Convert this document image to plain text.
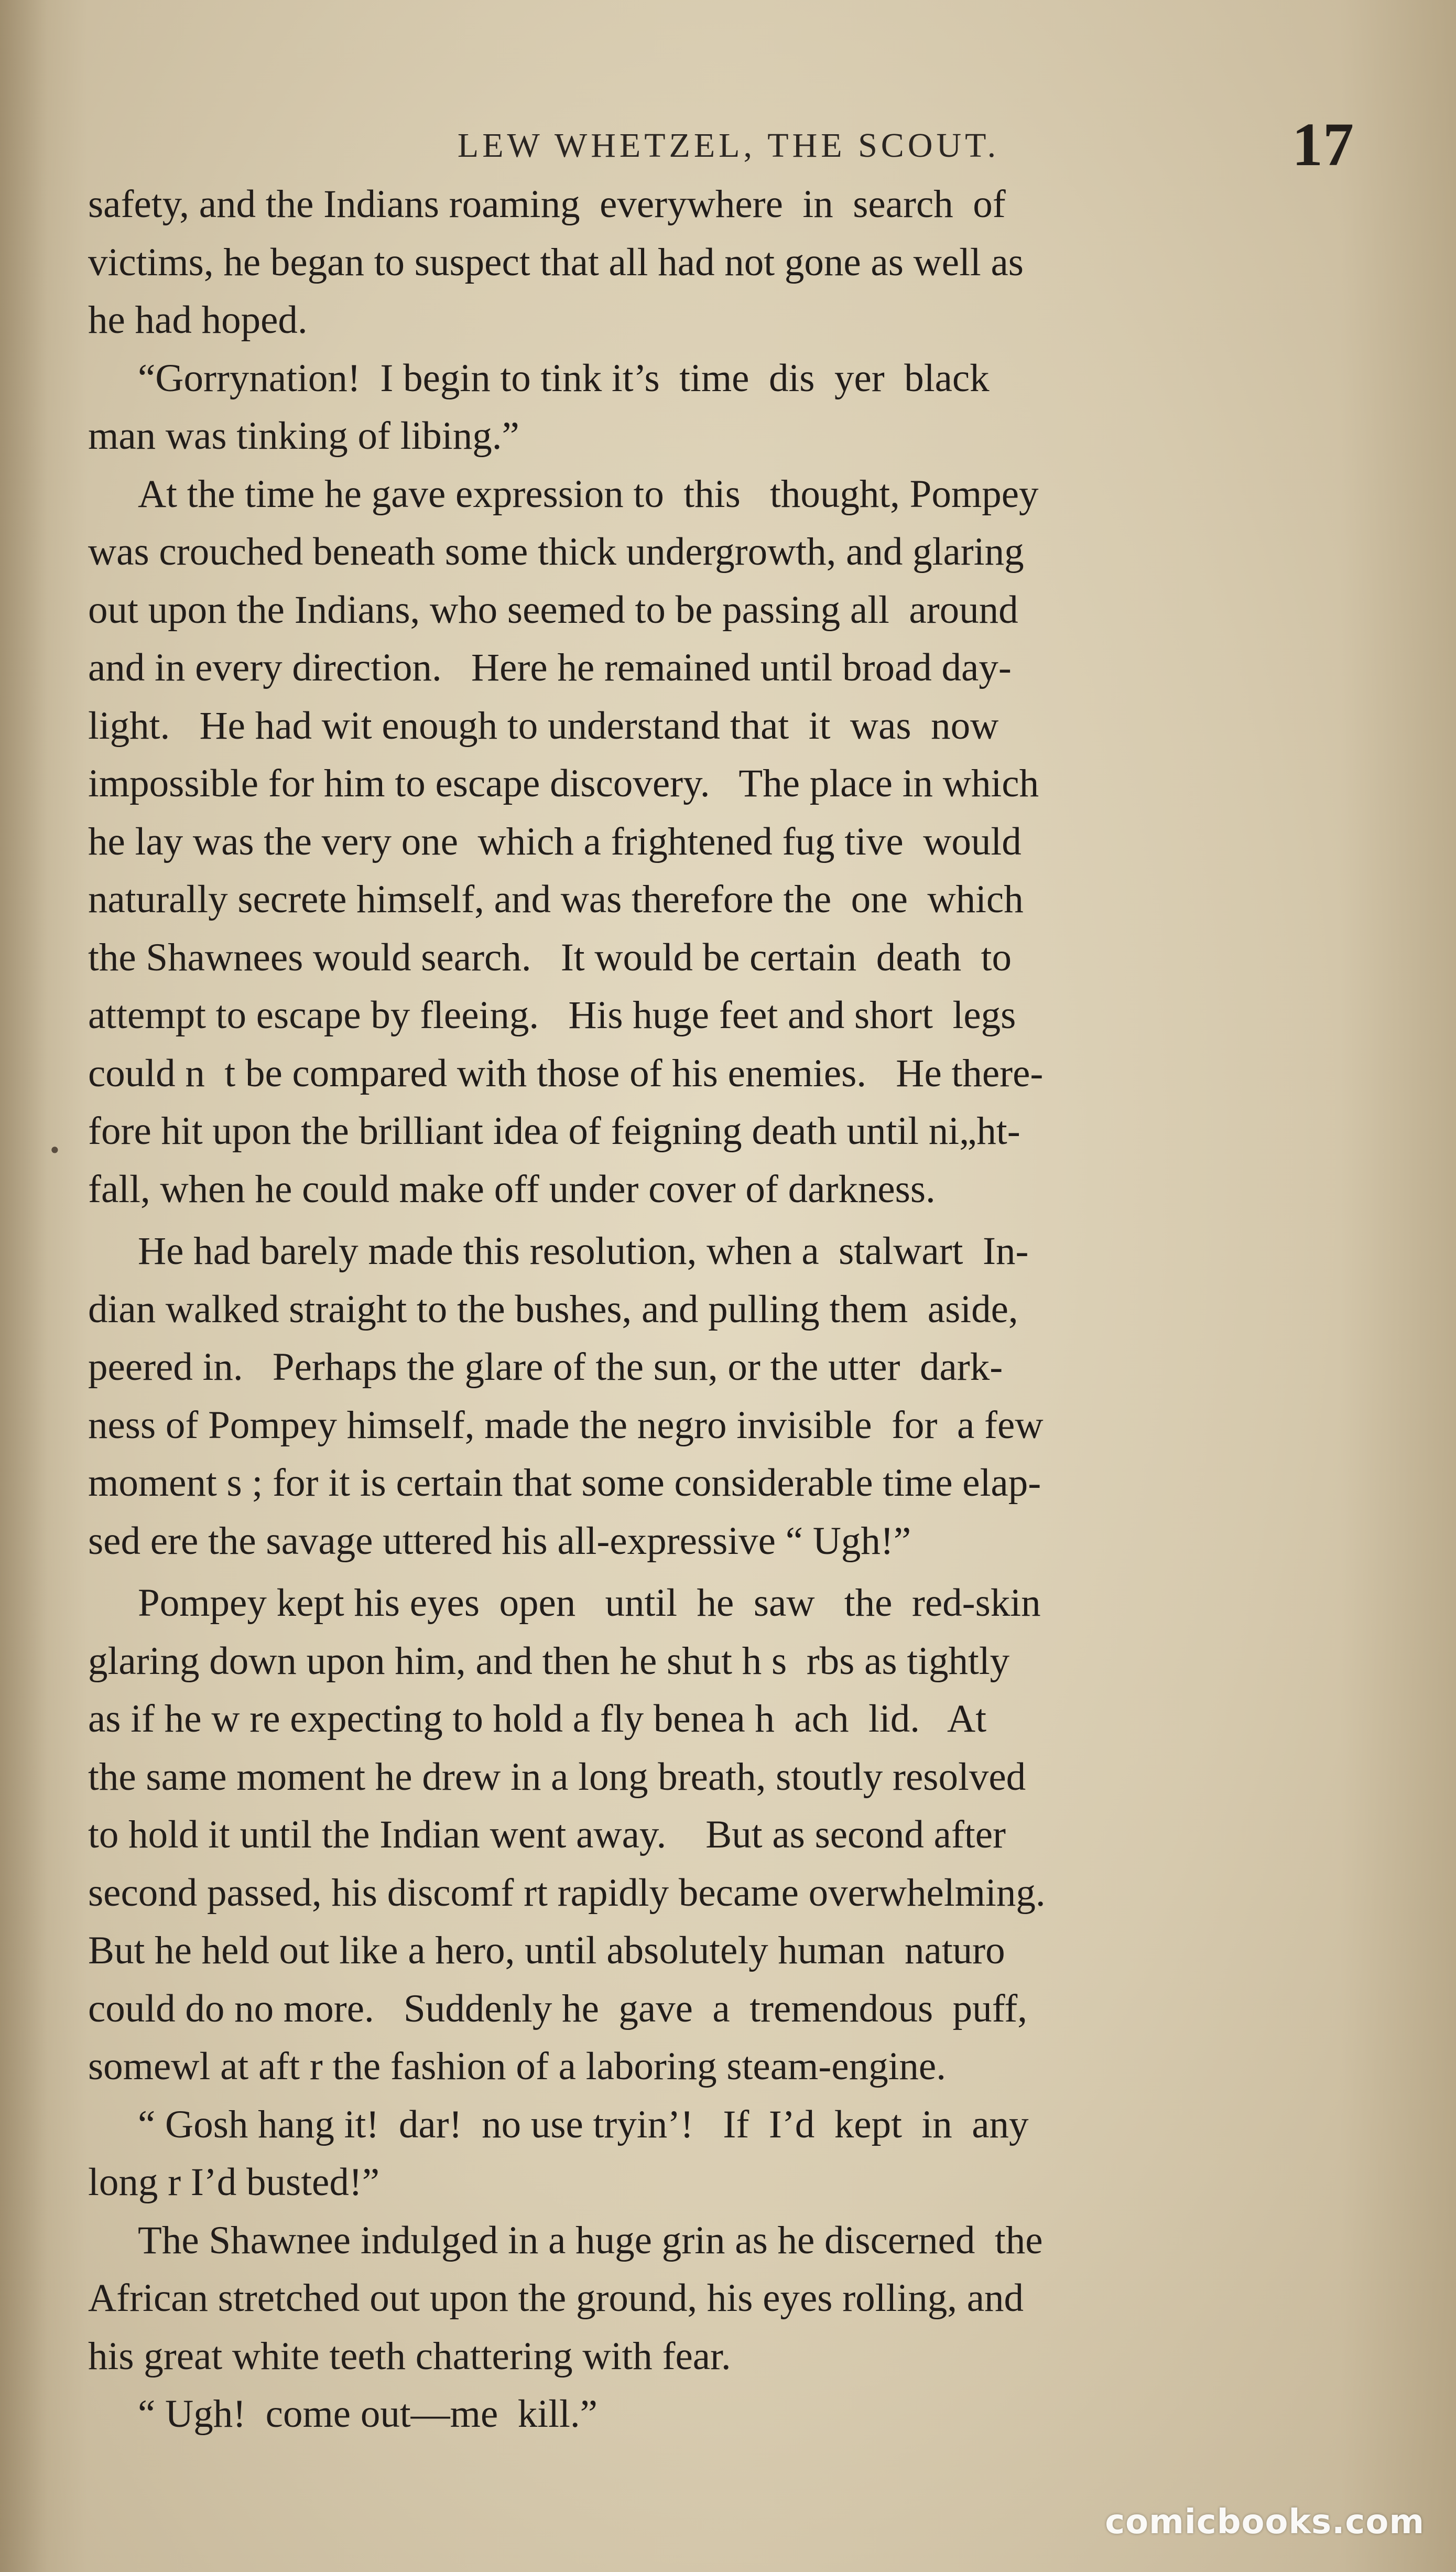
LEW WHETZEL, THE SCOUT.	17
•
safety, and the Indians roaming  everywhere  in  search  of
victims, he began to suspect that all had not gone as well as
he had hoped.
“Gorrynation!  I begin to tink it’s  time  dis  yer  black
man was tinking of libing.”
At the time he gave expression to  this   thought, Pompey
was crouched beneath some thick undergrowth, and glaring
out upon the Indians, who seemed to be passing all  around
and in every direction.   Here he remained until broad day-
light.   He had wit enough to understand that  it  was  now
impossible for him to escape discovery.   The place in which
he lay was the very one  which a frightened fug tive  would
naturally secrete himself, and was therefore the  one  which
the Shawnees would search.   It would be certain  death  to
attempt to escape by fleeing.   His huge feet and short  legs
could n  t be compared with those of his enemies.   He there-
fore hit upon the brilliant idea of feigning death until ni„ht-
fall, when he could make off under cover of darkness.
He had barely made this resolution, when a  stalwart  In-
dian walked straight to the bushes, and pulling them  aside,
peered in.   Perhaps the glare of the sun, or the utter  dark-
ness of Pompey himself, made the negro invisible  for  a few
moment s ; for it is certain that some considerable time elap-
sed ere the savage uttered his all-expressive “ Ugh!”
Pompey kept his eyes  open   until  he  saw   the  red-skin
glaring down upon him, and then he shut h s  rbs as tightly
as if he w re expecting to hold a fly benea h  ach  lid.   At
the same moment he drew in a long breath, stoutly resolved
to hold it until the Indian went away.    But as second after
second passed, his discomf rt rapidly became overwhelming.
But he held out like a hero, until absolutely human  naturo
could do no more.   Suddenly he  gave  a  tremendous  puff,
somewl at aft r the fashion of a laboring steam-engine.
“ Gosh hang it!  dar!  no use tryin’!   If  I’d  kept  in  any
long r I’d busted!”
The Shawnee indulged in a huge grin as he discerned  the
African stretched out upon the ground, his eyes rolling, and
his great white teeth chattering with fear.
“ Ugh!  come out—me  kill.”
comicbooks.com
